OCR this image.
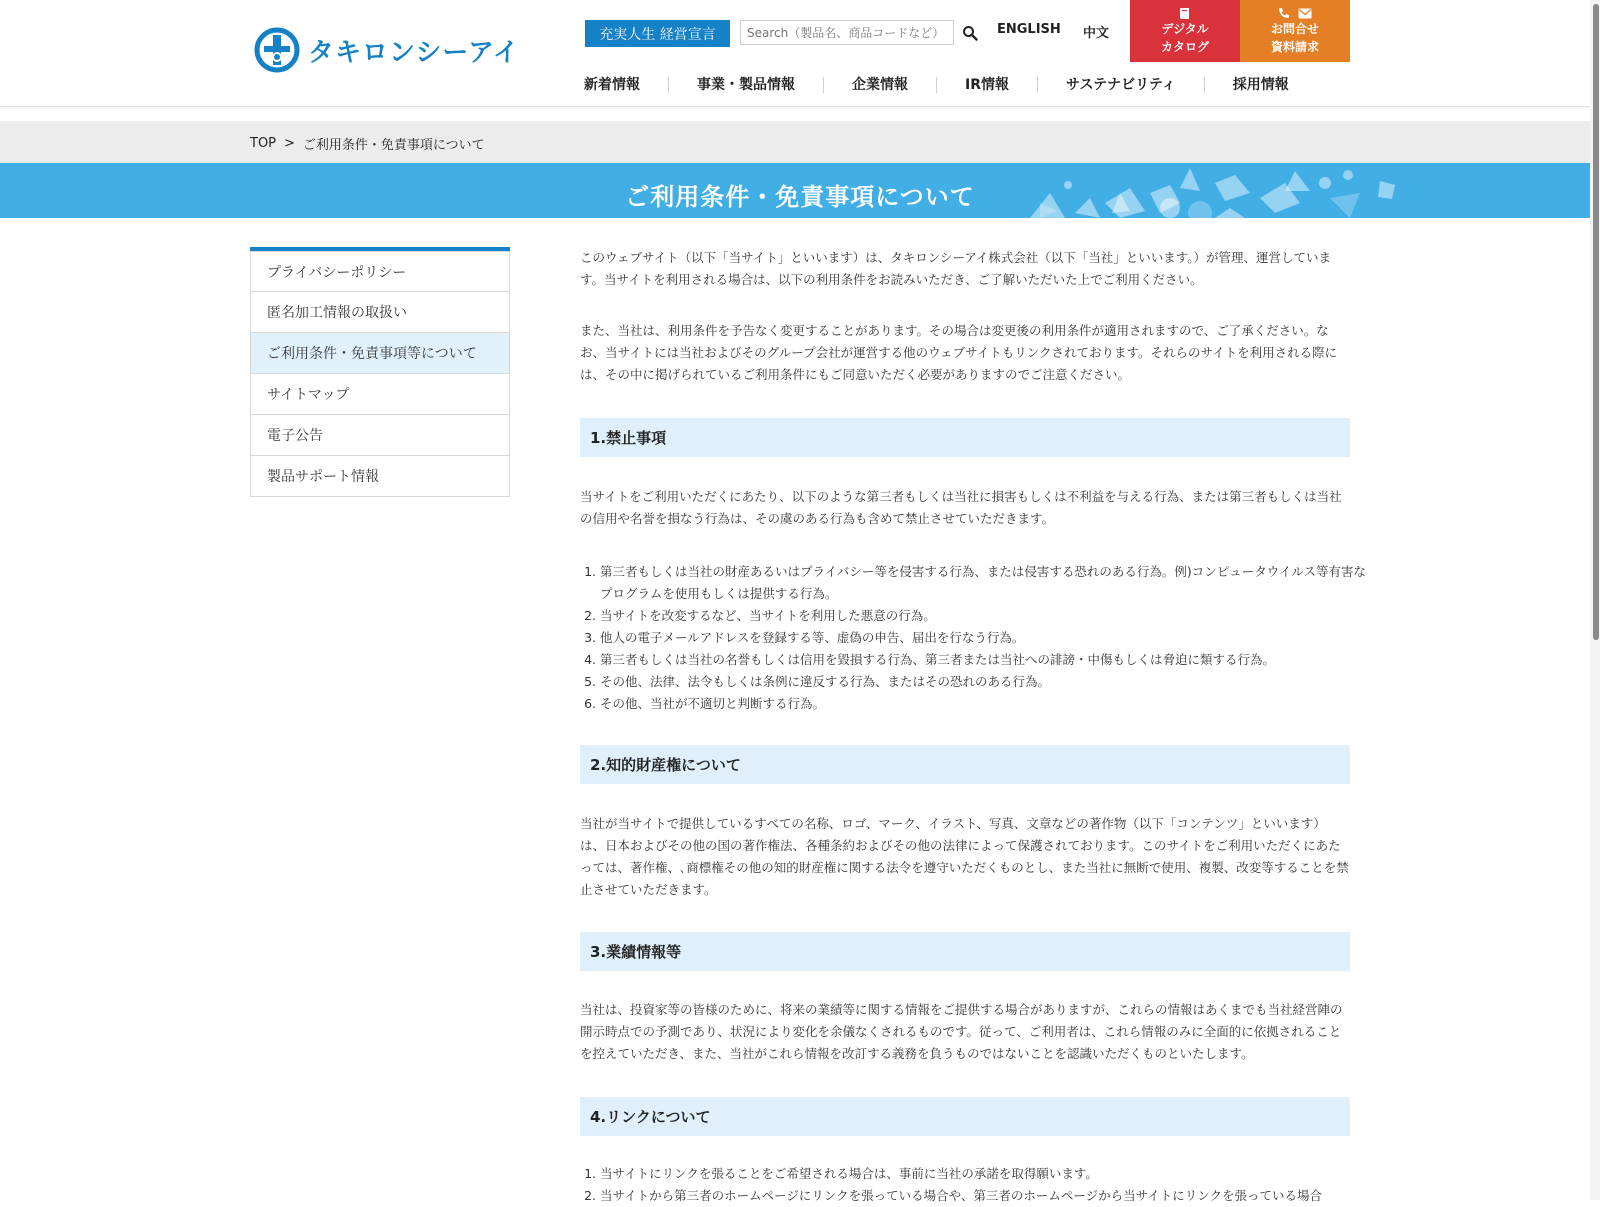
タキロンシーアイ
充実人生 経営宣言
Search（製品名、商品コードなど）	ENGLISH 中文	デジタル
カタログ
お問合せ
資料請求
新着情報	事業・製品情報	企業情報	IR情報	サステナビリティ	採用情報
TOP > ご利用条件・免責事項について
ご利用条件・免責事項について
プライバシーポリシー
匿名加工情報の取扱い
ご利用条件・免責事項等について
サイトマップ
電子公告
製品サポート情報

このウェブサイト（以下「当サイト」といいます）は、タキロンシーアイ株式会社（以下「当社」といいます。）が管理、運営しています。当サイトを利用される場合は、以下の利用条件をお読みいただき、ご了解いただいた上でご利用ください。

また、当社は、利用条件を予告なく変更することがあります。その場合は変更後の利用条件が適用されますので、ご了承ください。なお、当サイトには当社およびそのグループ会社が運営する他のウェブサイトもリンクされております。それらのサイトを利用される際には、その中に掲げられているご利用条件にもご同意いただく必要がありますのでご注意ください。

1.禁止事項

当サイトをご利用いただくにあたり、以下のような第三者もしくは当社に損害もしくは不利益を与える行為、または第三者もしくは当社の信用や名誉を損なう行為は、その虞のある行為も含めて禁止させていただきます。

1. 第三者もしくは当社の財産あるいはプライバシー等を侵害する行為、または侵害する恐れのある行為。例)コンピュータウイルス等有害なプログラムを使用もしくは提供する行為。
2. 当サイトを改変するなど、当サイトを利用した悪意の行為。
3. 他人の電子メールアドレスを登録する等、虚偽の申告、届出を行なう行為。
4. 第三者もしくは当社の名誉もしくは信用を毀損する行為、第三者または当社への誹謗・中傷もしくは脅迫に類する行為。
5. その他、法律、法令もしくは条例に違反する行為、またはその恐れのある行為。
6. その他、当社が不適切と判断する行為。
2.知的財産権について

当社が当サイトで提供しているすべての名称、ロゴ、マーク、イラスト、写真、文章などの著作物（以下「コンテンツ」といいます）は、日本およびその他の国の著作権法、各種条約およびその他の法律によって保護されております。このサイトをご利用いただくにあたっては、著作権、､商標権その他の知的財産権に関する法令を遵守いただくものとし、また当社に無断で使用、複製、改変等することを禁止させていただきます。

3.業績情報等

当社は、投資家等の皆様のために、将来の業績等に関する情報をご提供する場合がありますが、これらの情報はあくまでも当社経営陣の開示時点での予測であり、状況により変化を余儀なくされるものです。従って、ご利用者は、これら情報のみに全面的に依拠されることを控えていただき、また、当社がこれら情報を改訂する義務を負うものではないことを認識いただくものといたします。

4.リンクについて
1. 当サイトにリンクを張ることをご希望される場合は、事前に当社の承諾を取得願います。
2. 当サイトから第三者のホームページにリンクを張っている場合や、第三者のホームページから当サイトにリンクを張っている場合
